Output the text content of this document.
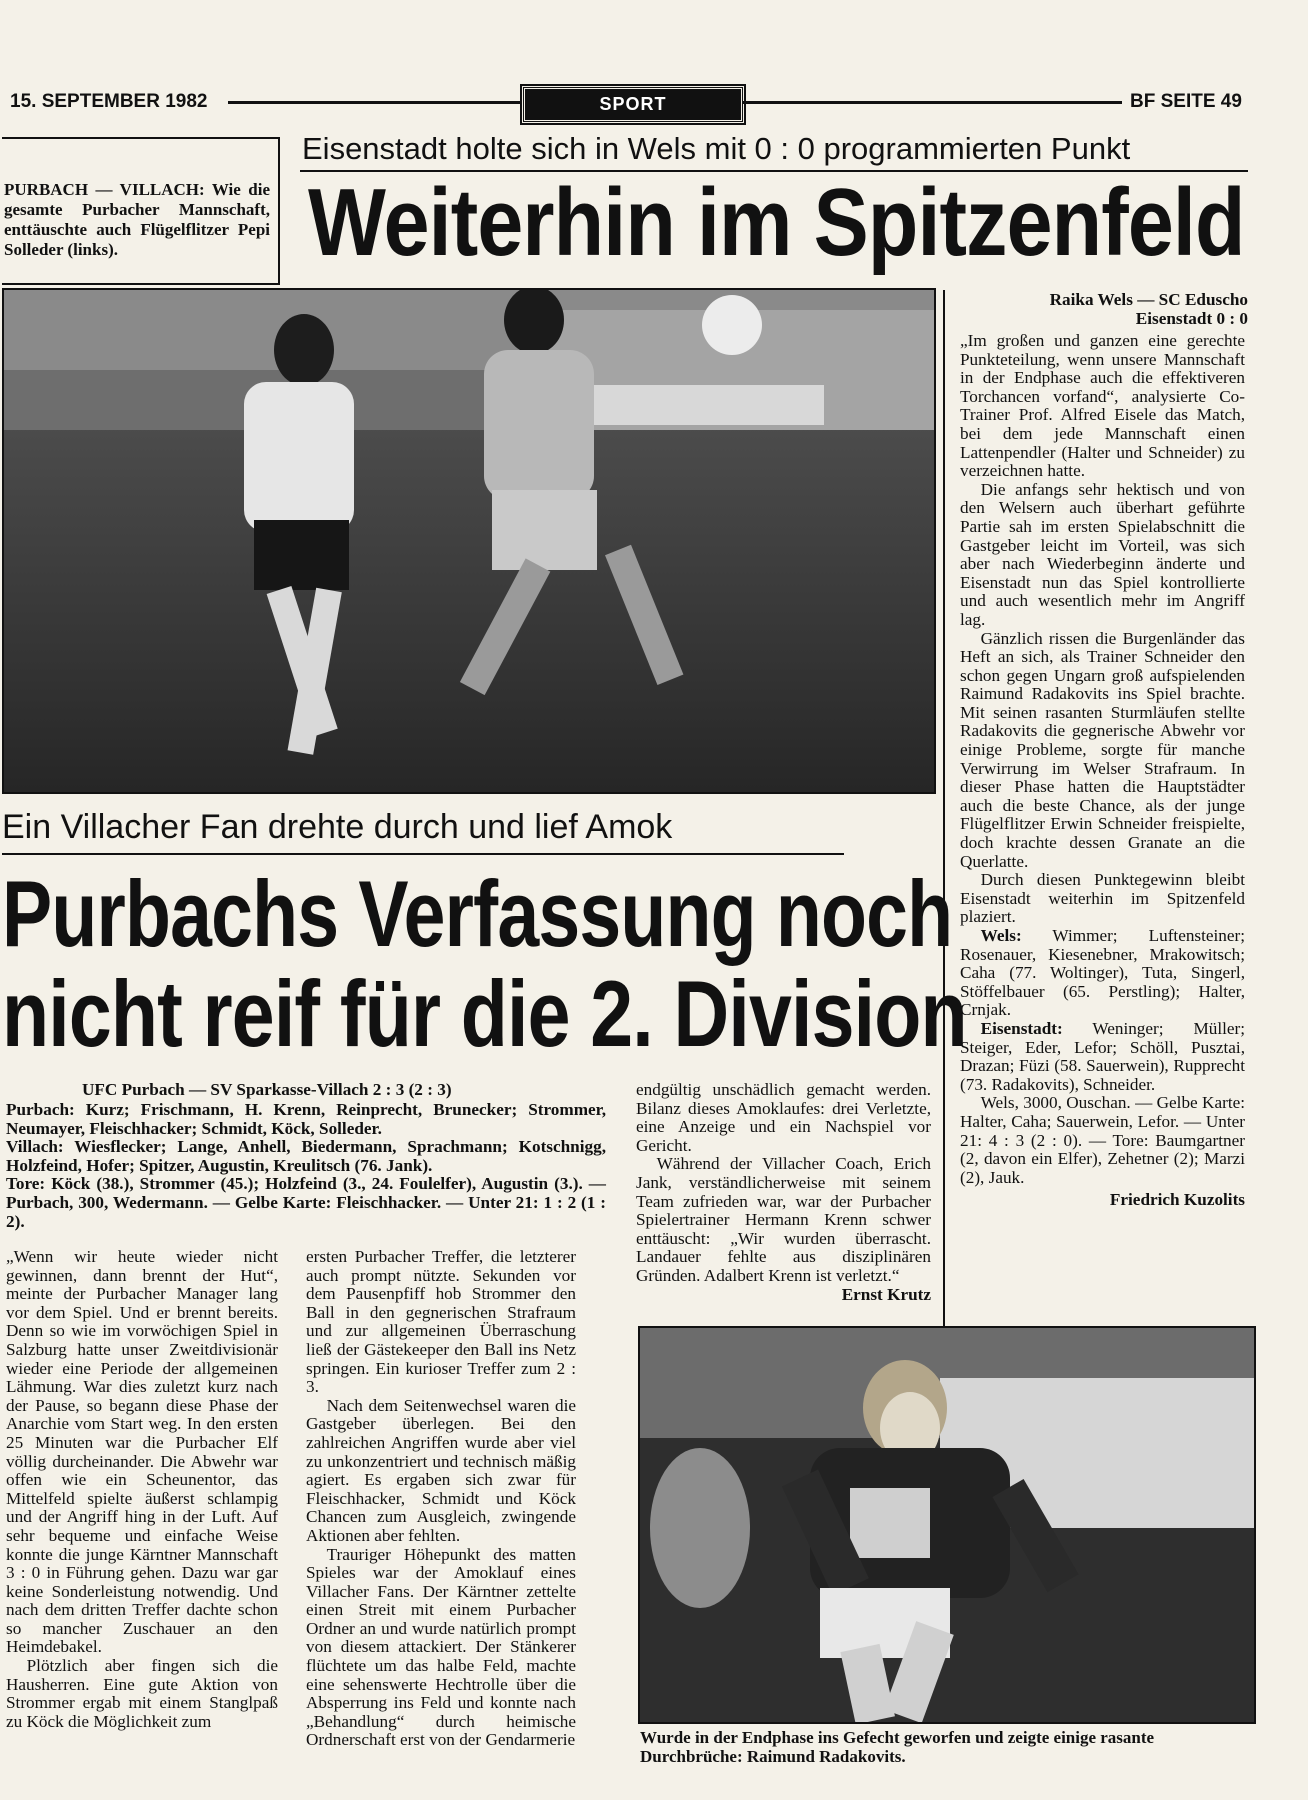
15. SEPTEMBER 1982	SPORT	BF SEITE 49
PURBACH — VILLACH: Wie die gesamte Purbacher Mannschaft, enttäuschte auch Flügelflitzer Pepi Solleder (links).
Eisenstadt holte sich in Wels mit 0 : 0 programmierten Punkt
Weiterhin im Spitzenfeld
Raika Wels — SC Eduscho
Eisenstadt 0 : 0

„Im großen und ganzen eine gerechte Punkteteilung, wenn unsere Mannschaft in der Endphase auch die effektiveren Torchancen vorfand“, analysierte Co-Trainer Prof. Alfred Eisele das Match, bei dem jede Mannschaft einen Lattenpendler (Halter und Schneider) zu verzeichnen hatte.

Die anfangs sehr hektisch und von den Welsern auch überhart geführte Partie sah im ersten Spielabschnitt die Gastgeber leicht im Vorteil, was sich aber nach Wiederbeginn änderte und Eisenstadt nun das Spiel kontrollierte und auch wesentlich mehr im Angriff lag.

Gänzlich rissen die Burgenländer das Heft an sich, als Trainer Schneider den schon gegen Ungarn groß aufspielenden Raimund Radakovits ins Spiel brachte. Mit seinen rasanten Sturmläufen stellte Radakovits die gegnerische Abwehr vor einige Probleme, sorgte für manche Verwirrung im Welser Strafraum. In dieser Phase hatten die Hauptstädter auch die beste Chance, als der junge Flügelflitzer Erwin Schneider freispielte, doch krachte dessen Granate an die Querlatte.

Durch diesen Punktegewinn bleibt Eisenstadt weiterhin im Spitzenfeld plaziert.

Wels: Wimmer; Luftensteiner; Rosenauer, Kiesenebner, Mrakowitsch; Caha (77. Woltinger), Tuta, Singerl, Stöffelbauer (65. Perstling); Halter, Crnjak.

Eisenstadt: Weninger; Müller; Steiger, Eder, Lefor; Schöll, Pusztai, Drazan; Füzi (58. Sauerwein), Rupprecht (73. Radakovits), Schneider.

Wels, 3000, Ouschan. — Gelbe Karte: Halter, Caha; Sauerwein, Lefor. — Unter 21: 4 : 3 (2 : 0). — Tore: Baumgartner (2, davon ein Elfer), Zehetner (2); Marzi (2), Jauk.

Friedrich Kuzolits
Ein Villacher Fan drehte durch und lief Amok
Purbachs Verfassung noch
nicht reif für die 2. Division
UFC Purbach — SV Sparkasse-Villach 2 : 3 (2 : 3)

Purbach: Kurz; Frischmann, H. Krenn, Reinprecht, Brunecker; Strommer, Neumayer, Fleischhacker; Schmidt, Köck, Solleder.

Villach: Wiesflecker; Lange, Anhell, Biedermann, Sprachmann; Kotschnigg, Holzfeind, Hofer; Spitzer, Augustin, Kreulitsch (76. Jank).

Tore: Köck (38.), Strommer (45.); Holzfeind (3., 24. Foulelfer), Augustin (3.). — Purbach, 300, Wedermann. — Gelbe Karte: Fleischhacker. — Unter 21: 1 : 2 (1 : 2).

„Wenn wir heute wieder nicht gewinnen, dann brennt der Hut“, meinte der Purbacher Manager lang vor dem Spiel. Und er brennt bereits. Denn so wie im vorwöchigen Spiel in Salzburg hatte unser Zweitdivisionär wieder eine Periode der allgemeinen Lähmung. War dies zuletzt kurz nach der Pause, so begann diese Phase der Anarchie vom Start weg. In den ersten 25 Minuten war die Purbacher Elf völlig durcheinander. Die Abwehr war offen wie ein Scheunentor, das Mittelfeld spielte äußerst schlampig und der Angriff hing in der Luft. Auf sehr bequeme und einfache Weise konnte die junge Kärntner Mannschaft 3 : 0 in Führung gehen. Dazu war gar keine Sonderleistung notwendig. Und nach dem dritten Treffer dachte schon so mancher Zuschauer an den Heimdebakel.

Plötzlich aber fingen sich die Hausherren. Eine gute Aktion von Strommer ergab mit einem Stanglpaß zu Köck die Möglichkeit zum

ersten Purbacher Treffer, die letzterer auch prompt nützte. Sekunden vor dem Pausenpfiff hob Strommer den Ball in den gegnerischen Strafraum und zur allgemeinen Überraschung ließ der Gästekeeper den Ball ins Netz springen. Ein kurioser Treffer zum 2 : 3.

Nach dem Seitenwechsel waren die Gastgeber überlegen. Bei den zahlreichen Angriffen wurde aber viel zu unkonzentriert und technisch mäßig agiert. Es ergaben sich zwar für Fleischhacker, Schmidt und Köck Chancen zum Ausgleich, zwingende Aktionen aber fehlten.

Trauriger Höhepunkt des matten Spieles war der Amoklauf eines Villacher Fans. Der Kärntner zettelte einen Streit mit einem Purbacher Ordner an und wurde natürlich prompt von diesem attackiert. Der Stänkerer flüchtete um das halbe Feld, machte eine sehenswerte Hechtrolle über die Absperrung ins Feld und konnte nach „Behandlung“ durch heimische Ordnerschaft erst von der Gendarmerie

endgültig unschädlich gemacht werden. Bilanz dieses Amoklaufes: drei Verletzte, eine Anzeige und ein Nachspiel vor Gericht.

Während der Villacher Coach, Erich Jank, verständlicherweise mit seinem Team zufrieden war, war der Purbacher Spielertrainer Hermann Krenn schwer enttäuscht: „Wir wurden überrascht. Landauer fehlte aus disziplinären Gründen. Adalbert Krenn ist verletzt.“

Ernst Krutz
Wurde in der Endphase ins Gefecht geworfen und zeigte einige rasante Durchbrüche: Raimund Radakovits.
